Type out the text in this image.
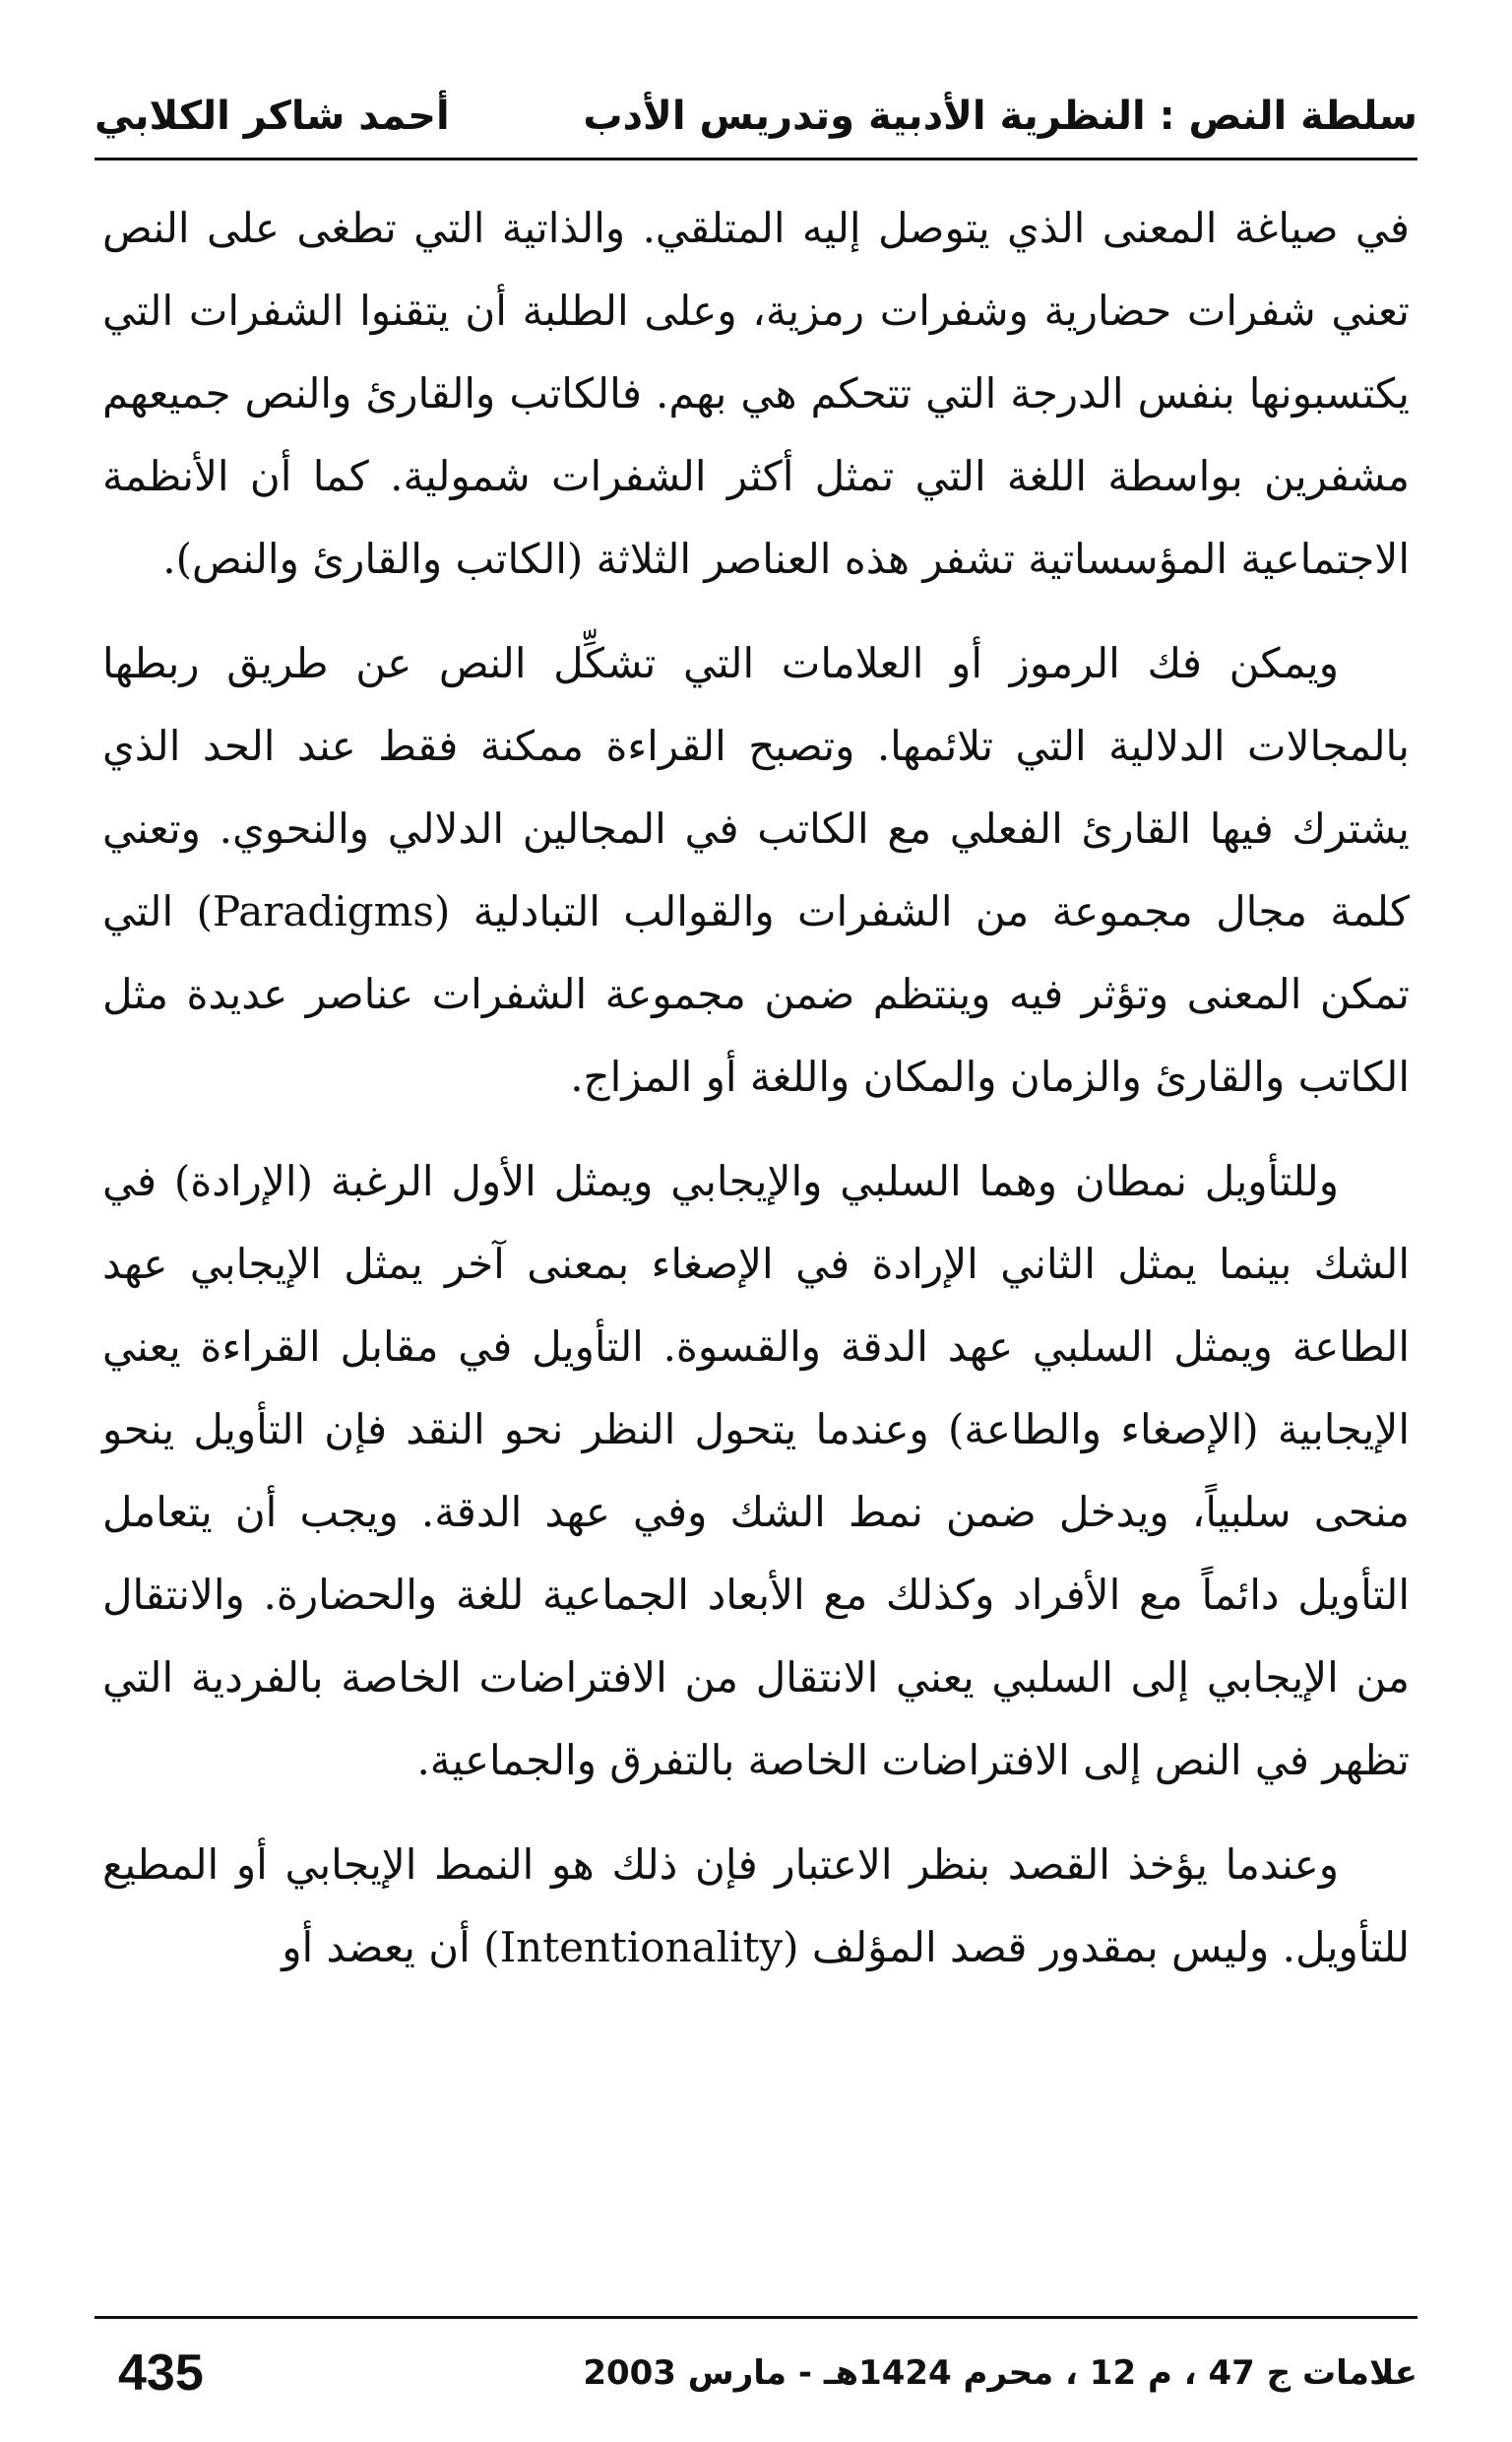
سلطة النص : النظرية الأدبية وتدريس الأدب
أحمد شاكر الكلابي

في صياغة المعنى الذي يتوصل إليه المتلقي. والذاتية التي تطغى على النص تعني شفرات حضارية وشفرات رمزية، وعلى الطلبة أن يتقنوا الشفرات التي يكتسبونها بنفس الدرجة التي تتحكم هي بهم. فالكاتب والقارئ والنص جميعهم مشفرين بواسطة اللغة التي تمثل أكثر الشفرات شمولية. كما أن الأنظمة الاجتماعية المؤسساتية تشفر هذه العناصر الثلاثة (الكاتب والقارئ والنص).

ويمكن فك الرموز أو العلامات التي تشكِّل النص عن طريق ربطها بالمجالات الدلالية التي تلائمها. وتصبح القراءة ممكنة فقط عند الحد الذي يشترك فيها القارئ الفعلي مع الكاتب في المجالين الدلالي والنحوي. وتعني كلمة مجال مجموعة من الشفرات والقوالب التبادلية (Paradigms) التي تمكن المعنى وتؤثر فيه وينتظم ضمن مجموعة الشفرات عناصر عديدة مثل الكاتب والقارئ والزمان والمكان واللغة أو المزاج.

وللتأويل نمطان وهما السلبي والإيجابي ويمثل الأول الرغبة (الإرادة) في الشك بينما يمثل الثاني الإرادة في الإصغاء بمعنى آخر يمثل الإيجابي عهد الطاعة ويمثل السلبي عهد الدقة والقسوة. التأويل في مقابل القراءة يعني الإيجابية (الإصغاء والطاعة) وعندما يتحول النظر نحو النقد فإن التأويل ينحو منحى سلبياً، ويدخل ضمن نمط الشك وفي عهد الدقة. ويجب أن يتعامل التأويل دائماً مع الأفراد وكذلك مع الأبعاد الجماعية للغة والحضارة. والانتقال من الإيجابي إلى السلبي يعني الانتقال من الافتراضات الخاصة بالفردية التي تظهر في النص إلى الافتراضات الخاصة بالتفرق والجماعية.

وعندما يؤخذ القصد بنظر الاعتبار فإن ذلك هو النمط الإيجابي أو المطيع للتأويل. وليس بمقدور قصد المؤلف (Intentionality) أن يعضد أو

علامات ج 47 ، م 12 ، محرم 1424هـ - مارس 2003
435
